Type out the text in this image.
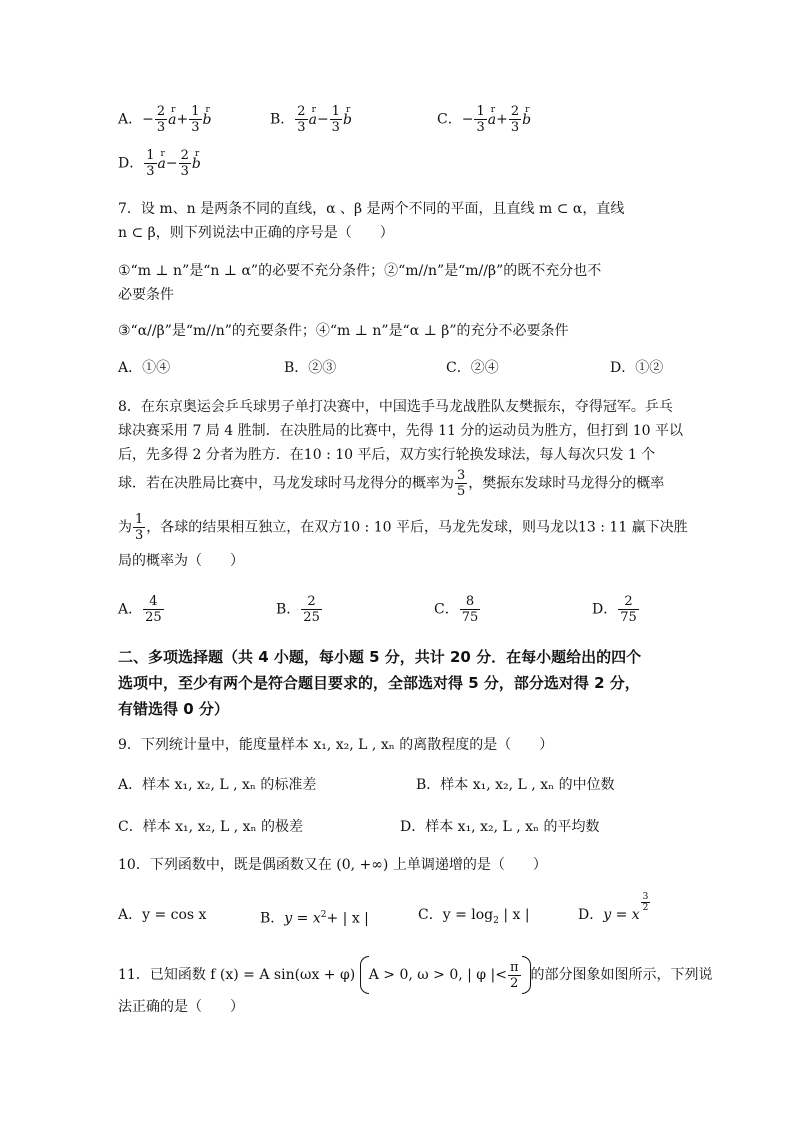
A．− $\frac{2}{3}$ r $a+ \frac{1}{3}$ r b	B． $\frac{2}{3}$ r $a- \frac{1}{3}$ r b	C．− $\frac{1}{3}$ r $a+ \frac{2}{3}$ r b
D． $\frac{1}{3}$ r $a- \frac{2}{3}$ r b
7．设 m、n 是两条不同的直线，α 、β 是两个不同的平面，且直线 m ⊂ α，直线
n ⊂ β，则下列说法中正确的序号是（　　）
①“m ⊥ n”是“n ⊥ α”的必要不充分条件；②“m//n”是“m//β”的既不充分也不
必要条件
③“α//β”是“m//n”的充要条件；④“m ⊥ n”是“α ⊥ β”的充分不必要条件
A．①④	B．②③	C．②④	D．①②
8．在东京奥运会乒乓球男子单打决赛中，中国选手马龙战胜队友樊振东，夺得冠军。乒乓
球决赛采用 7 局 4 胜制．在决胜局的比赛中，先得 11 分的运动员为胜方，但打到 10 平以
后，先多得 2 分者为胜方．在10 : 10 平后，双方实行轮换发球法，每人每次只发 1 个
球．若在决胜局比赛中，马龙发球时马龙得分的概率为 $\frac{3}{5}$ ，樊振东发球时马龙得分的概率
为 $\frac{1}{3}$ ，各球的结果相互独立，在双方10 : 10 平后，马龙先发球，则马龙以13 : 11 赢下决胜
局的概率为（　　）
A． $\frac{4}{25}$	B． $\frac{2}{25}$	C． $\frac{8}{75}$	D． $\frac{2}{75}$
二、多项选择题（共 4 小题，每小题 5 分，共计 20 分．在每小题给出的四个
选项中，至少有两个是符合题目要求的，全部选对得 5 分，部分选对得 2 分，
有错选得 0 分）
9．下列统计量中，能度量样本 x₁, x₂, L , xₙ 的离散程度的是（　　）
A．样本 x₁, x₂, L , xₙ 的标准差	B．样本 x₁, x₂, L , xₙ 的中位数
C．样本 x₁, x₂, L , xₙ 的极差	D．样本 x₁, x₂, L , xₙ 的平均数
10．下列函数中，既是偶函数又在 (0, +∞) 上单调递增的是（　　）
A．y = cos x	B．$y = x^2+$ | x |	C．$y = \log_2$ | x |	D．y = x
$\frac{3}{2}$
11．已知函数 f (x) = A sin(ωx + φ) A > 0, ω > 0, | φ |< $\frac{\pi}{2}$ 的部分图象如图所示，下列说
法正确的是（　　）
